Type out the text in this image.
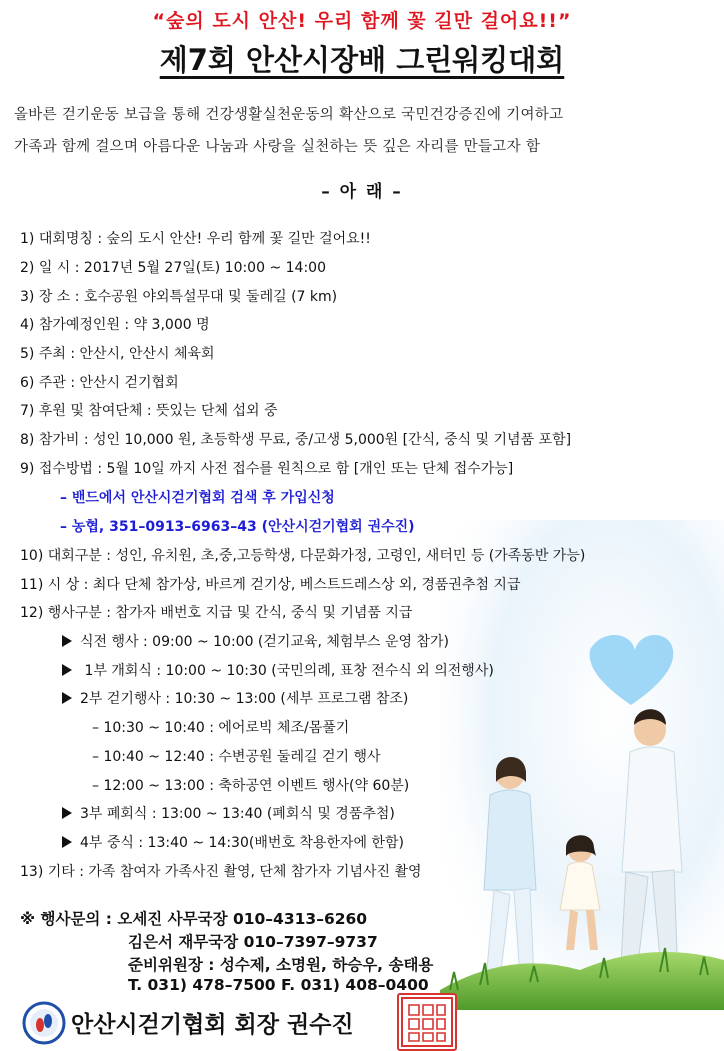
“숲의 도시 안산! 우리 함께 꽃 길만 걸어요!!”
제7회 안산시장배 그린워킹대회
올바른 걷기운동 보급을 통해 건강생활실천운동의 확산으로 국민건강증진에 기여하고
가족과 함께 걸으며 아름다운 나눔과 사랑을 실천하는 뜻 깊은 자리를 만들고자 함
– 아 래 –
1) 대회명칭 : 숲의 도시 안산! 우리 함께 꽃 길만 걸어요!!
2) 일 시 : 2017년 5월 27일(토) 10:00 ~ 14:00
3) 장 소 : 호수공원 야외특설무대 및 둘레길 (7 km)
4) 참가예정인원 : 약 3,000 명
5) 주최 : 안산시, 안산시 체육회
6) 주관 : 안산시 걷기협회
7) 후원 및 참여단체 : 뜻있는 단체 섭외 중
8) 참가비 : 성인 10,000 원, 초등학생 무료, 중/고생 5,000원 [간식, 중식 및 기념품 포함]
9) 접수방법 : 5월 10일 까지 사전 접수를 원칙으로 함 [개인 또는 단체 접수가능]
– 밴드에서 안산시걷기협회 검색 후 가입신청
– 농협, 351–0913–6963–43 (안산시걷기협회 권수진)
10) 대회구분 : 성인, 유치원, 초,중,고등학생, 다문화가정, 고령인, 새터민 등 (가족동반 가능)
11) 시 상 : 최다 단체 참가상, 바르게 걷기상, 베스트드레스상 외, 경품권추첨 지급
12) 행사구분 : 참가자 배번호 지급 및 간식, 중식 및 기념품 지급
식전 행사 : 09:00 ~ 10:00 (걷기교육, 체험부스 운영 참가)
1부 개회식 : 10:00 ~ 10:30 (국민의례, 표창 전수식 외 의전행사)
2부 걷기행사 : 10:30 ~ 13:00 (세부 프로그램 참조)
– 10:30 ~ 10:40 : 에어로빅 체조/몸풀기
– 10:40 ~ 12:40 : 수변공원 둘레길 걷기 행사
– 12:00 ~ 13:00 : 축하공연 이벤트 행사(약 60분)
3부 폐회식 : 13:00 ~ 13:40 (폐회식 및 경품추첨)
4부 중식 : 13:40 ~ 14:30(배번호 착용한자에 한함)
13) 기타 : 가족 참여자 가족사진 촬영, 단체 참가자 기념사진 촬영
※ 행사문의 : 오세진 사무국장 010–4313–6260
김은서 재무국장 010–7397–9737
준비위원장 : 성수제, 소명원, 하승우, 송태용
T. 031) 478–7500 F. 031) 408–0400
안산시걷기협회 회장 권수진
